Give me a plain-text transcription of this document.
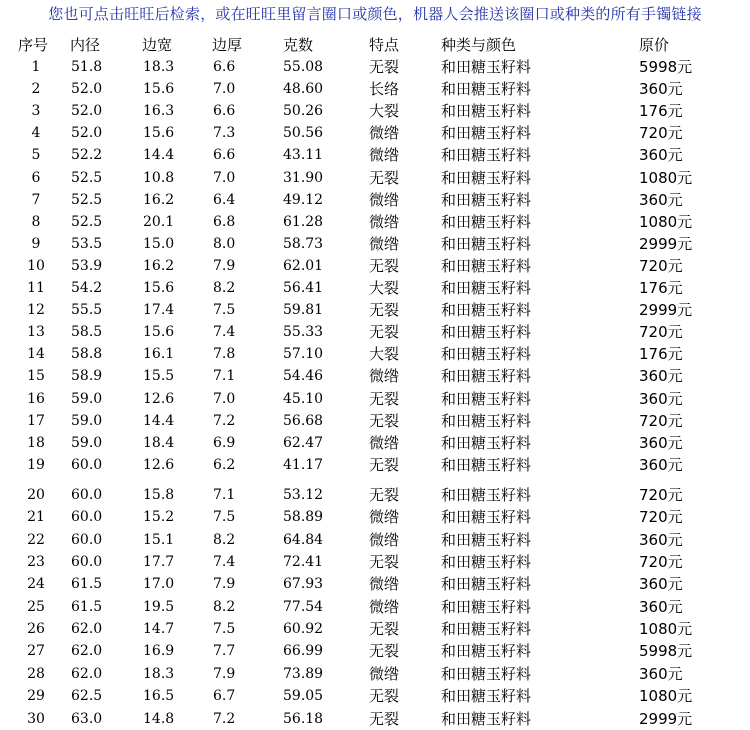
您也可点击旺旺后检索，或在旺旺里留言圈口或颜色，机器人会推送该圈口或种类的所有手镯链接
序号 内径	边宽	边厚	克数	特点	种类与颜色	原价
1	51.8	18.3	6.6	55.08	无裂	和田糖玉籽料	5998元
2	52.0	15.6	7.0	48.60	长络	和田糖玉籽料	360元
3	52.0	16.3	6.6	50.26	大裂	和田糖玉籽料	176元
4	52.0	15.6	7.3	50.56	微绺	和田糖玉籽料	720元
5	52.2	14.4	6.6	43.11	微绺	和田糖玉籽料	360元
6	52.5	10.8	7.0	31.90	无裂	和田糖玉籽料	1080元
7	52.5	16.2	6.4	49.12	微绺	和田糖玉籽料	360元
8	52.5	20.1	6.8	61.28	微绺	和田糖玉籽料	1080元
9	53.5	15.0	8.0	58.73	微绺	和田糖玉籽料	2999元
10	53.9	16.2	7.9	62.01	无裂	和田糖玉籽料	720元
11	54.2	15.6	8.2	56.41	大裂	和田糖玉籽料	176元
12	55.5	17.4	7.5	59.81	无裂	和田糖玉籽料	2999元
13	58.5	15.6	7.4	55.33	无裂	和田糖玉籽料	720元
14	58.8	16.1	7.8	57.10	大裂	和田糖玉籽料	176元
15	58.9	15.5	7.1	54.46	微绺	和田糖玉籽料	360元
16	59.0	12.6	7.0	45.10	无裂	和田糖玉籽料	360元
17	59.0	14.4	7.2	56.68	无裂	和田糖玉籽料	720元
18	59.0	18.4	6.9	62.47	微绺	和田糖玉籽料	360元
19	60.0	12.6	6.2	41.17	无裂	和田糖玉籽料	360元
20	60.0	15.8	7.1	53.12	无裂	和田糖玉籽料	720元
21	60.0	15.2	7.5	58.89	微绺	和田糖玉籽料	720元
22	60.0	15.1	8.2	64.84	微绺	和田糖玉籽料	360元
23	60.0	17.7	7.4	72.41	无裂	和田糖玉籽料	720元
24	61.5	17.0	7.9	67.93	微绺	和田糖玉籽料	360元
25	61.5	19.5	8.2	77.54	微绺	和田糖玉籽料	360元
26	62.0	14.7	7.5	60.92	无裂	和田糖玉籽料	1080元
27	62.0	16.9	7.7	66.99	无裂	和田糖玉籽料	5998元
28	62.0	18.3	7.9	73.89	微绺	和田糖玉籽料	360元
29	62.5	16.5	6.7	59.05	无裂	和田糖玉籽料	1080元
30	63.0	14.8	7.2	56.18	无裂	和田糖玉籽料	2999元
